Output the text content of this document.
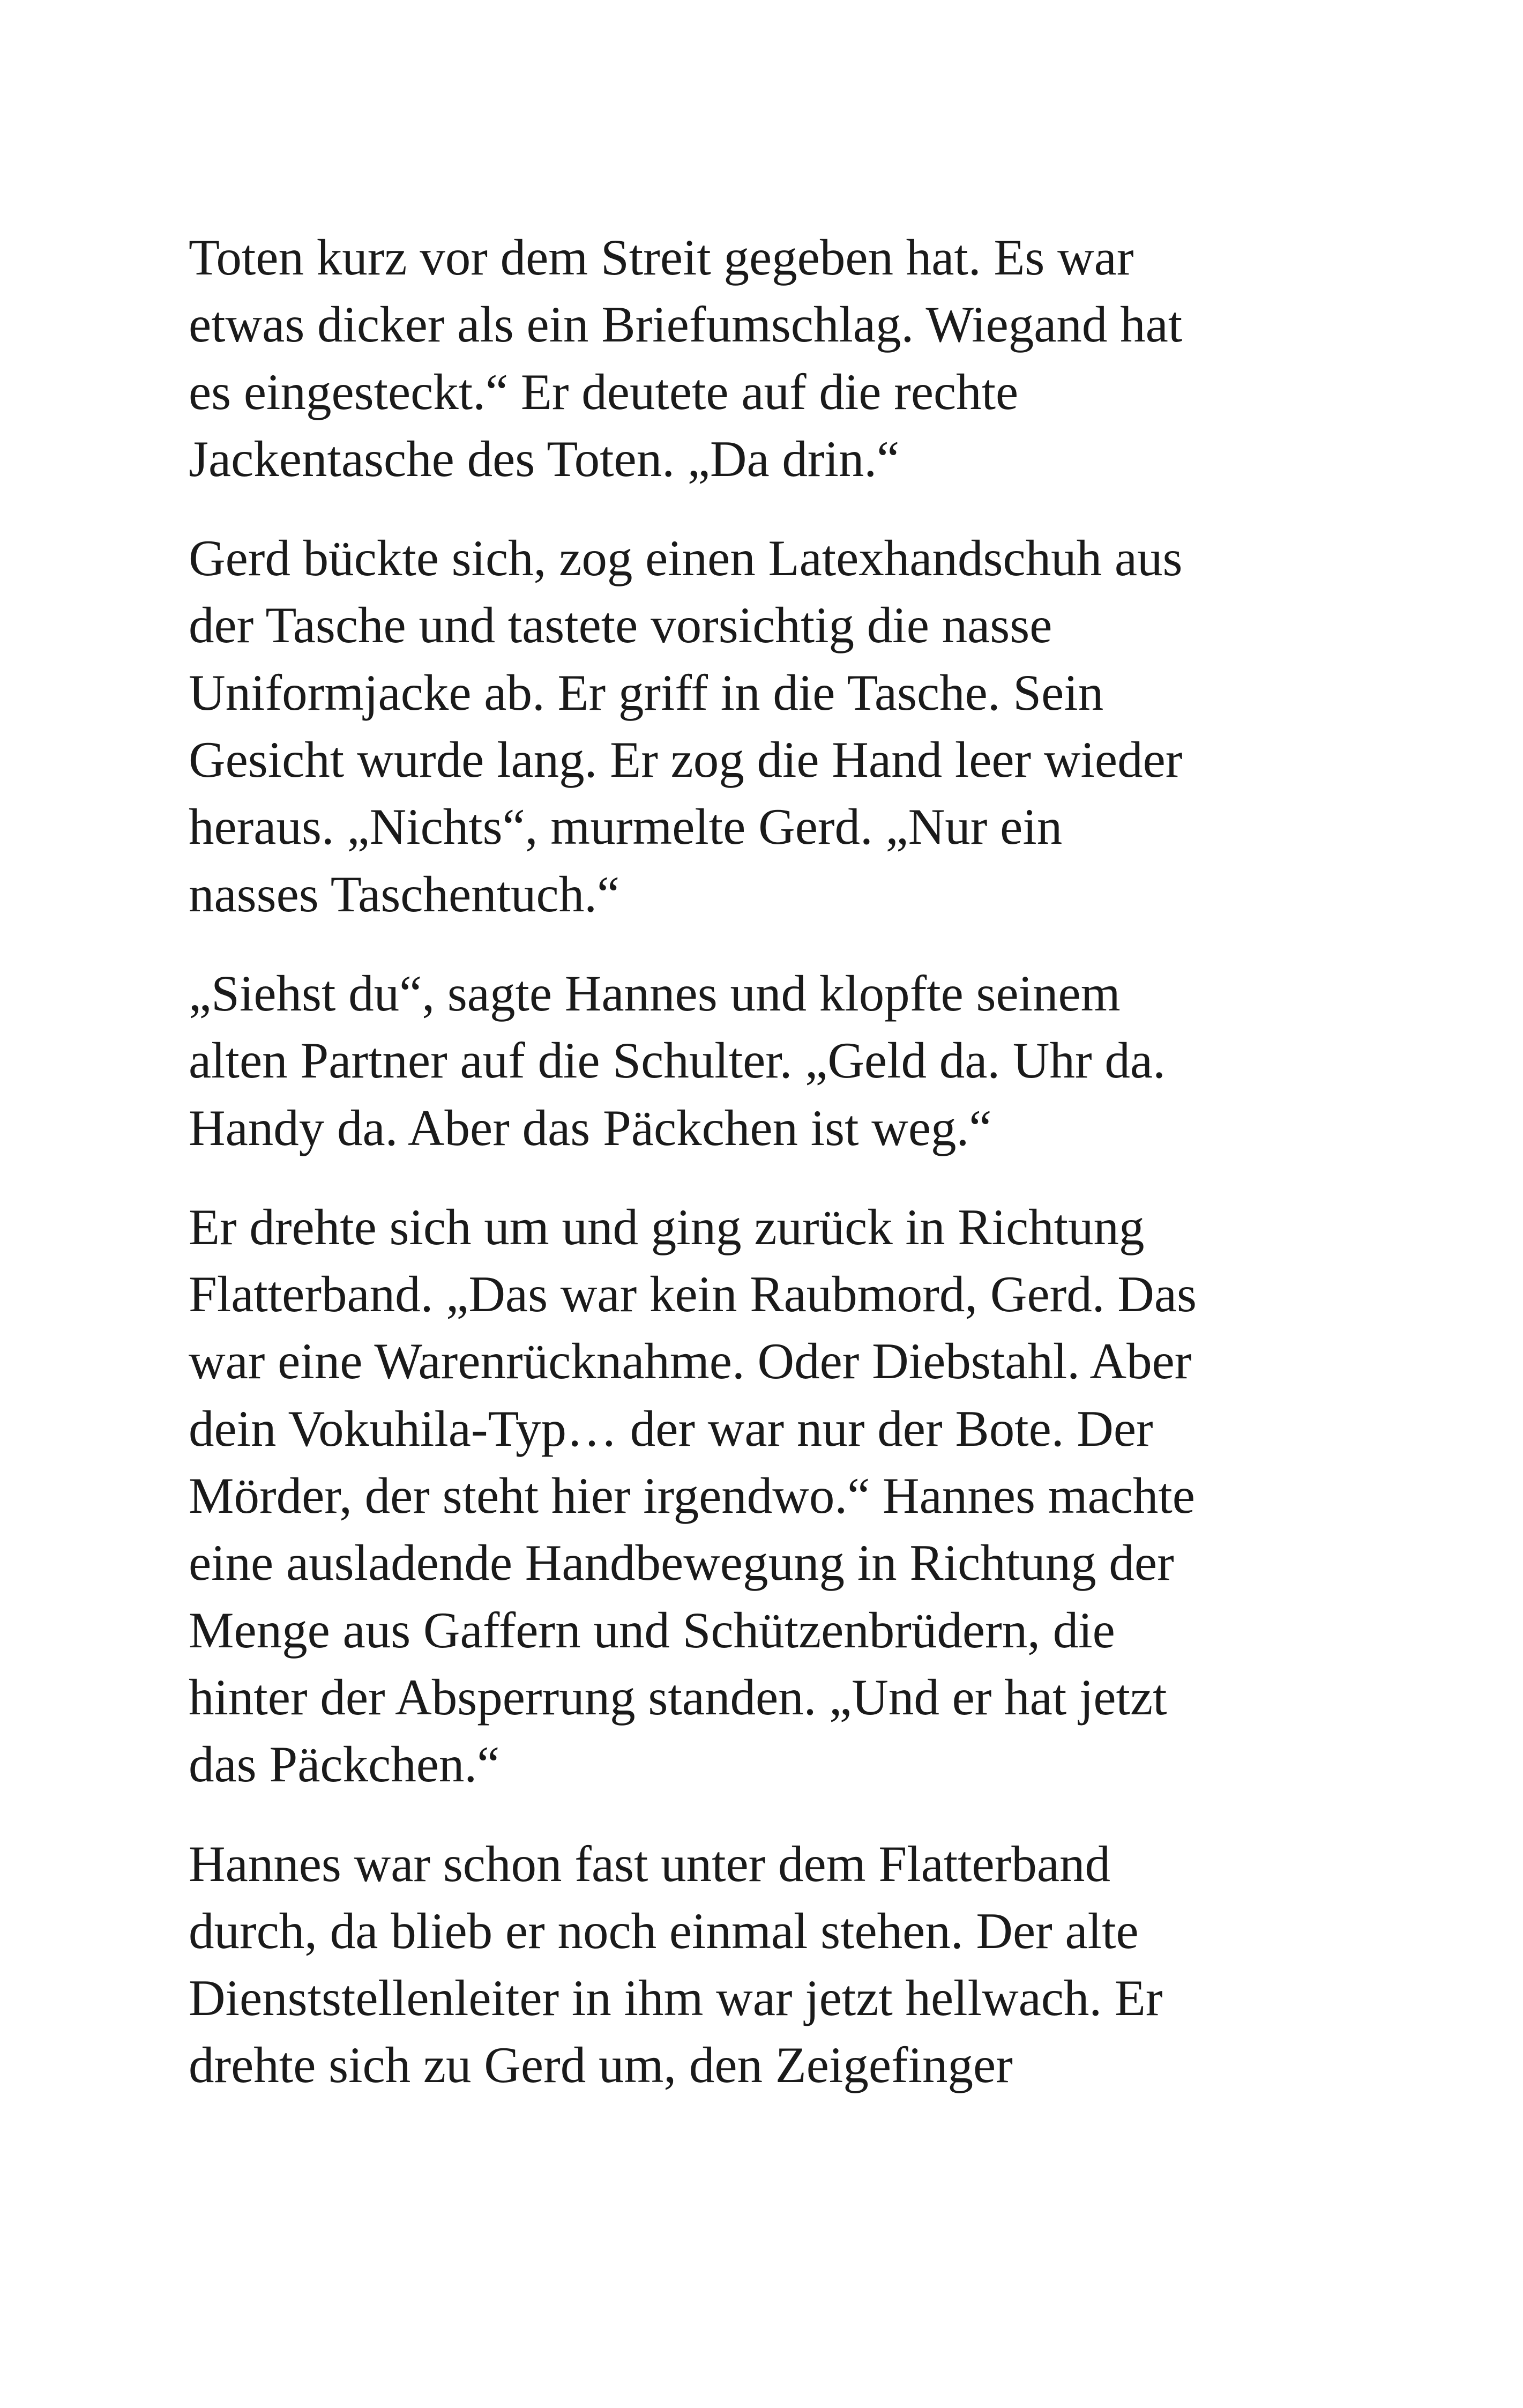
Toten kurz vor dem Streit gegeben hat. Es war
etwas dicker als ein Briefumschlag. Wiegand hat
es eingesteckt.“ Er deutete auf die rechte
Jackentasche des Toten. „Da drin.“

Gerd bückte sich, zog einen Latexhandschuh aus
der Tasche und tastete vorsichtig die nasse
Uniformjacke ab. Er griff in die Tasche. Sein
Gesicht wurde lang. Er zog die Hand leer wieder
heraus. „Nichts“, murmelte Gerd. „Nur ein
nasses Taschentuch.“

„Siehst du“, sagte Hannes und klopfte seinem
alten Partner auf die Schulter. „Geld da. Uhr da.
Handy da. Aber das Päckchen ist weg.“

Er drehte sich um und ging zurück in Richtung
Flatterband. „Das war kein Raubmord, Gerd. Das
war eine Warenrücknahme. Oder Diebstahl. Aber
dein Vokuhila-Typ… der war nur der Bote. Der
Mörder, der steht hier irgendwo.“ Hannes machte
eine ausladende Handbewegung in Richtung der
Menge aus Gaffern und Schützenbrüdern, die
hinter der Absperrung standen. „Und er hat jetzt
das Päckchen.“

Hannes war schon fast unter dem Flatterband
durch, da blieb er noch einmal stehen. Der alte
Dienststellenleiter in ihm war jetzt hellwach. Er
drehte sich zu Gerd um, den Zeigefinger
